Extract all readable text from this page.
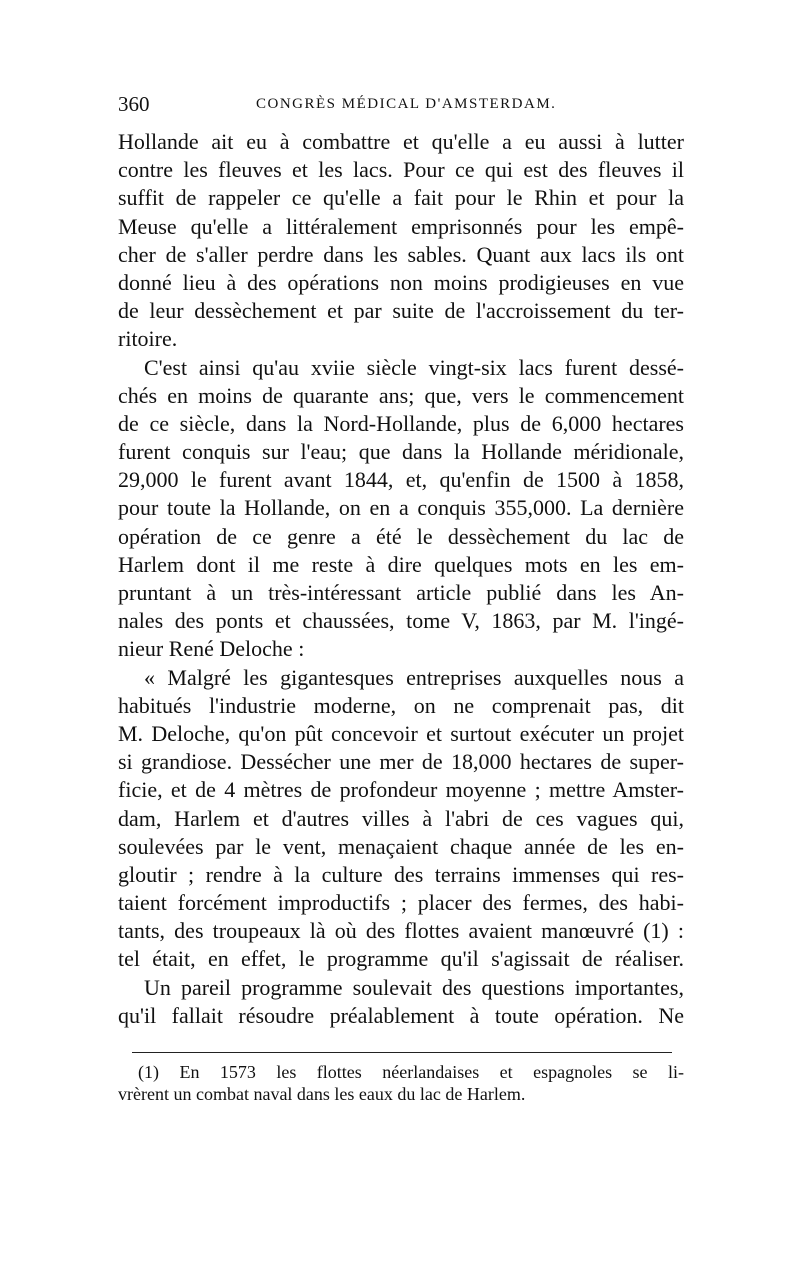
360	CONGRÈS MÉDICAL D'AMSTERDAM.
Hollande ait eu à combattre et qu'elle a eu aussi à lutter
contre les fleuves et les lacs. Pour ce qui est des fleuves il
suffit de rappeler ce qu'elle a fait pour le Rhin et pour la
Meuse qu'elle a littéralement emprisonnés pour les empê-
cher de s'aller perdre dans les sables. Quant aux lacs ils ont
donné lieu à des opérations non moins prodigieuses en vue
de leur dessèchement et par suite de l'accroissement du ter-
ritoire.
C'est ainsi qu'au xviie siècle vingt-six lacs furent dessé-
chés en moins de quarante ans; que, vers le commencement
de ce siècle, dans la Nord-Hollande, plus de 6,000 hectares
furent conquis sur l'eau; que dans la Hollande méridionale,
29,000 le furent avant 1844, et, qu'enfin de 1500 à 1858,
pour toute la Hollande, on en a conquis 355,000. La dernière
opération de ce genre a été le dessèchement du lac de
Harlem dont il me reste à dire quelques mots en les em-
pruntant à un très-intéressant article publié dans les An-
nales des ponts et chaussées, tome V, 1863, par M. l'ingé-
nieur René Deloche :
« Malgré les gigantesques entreprises auxquelles nous a
habitués l'industrie moderne, on ne comprenait pas, dit
M. Deloche, qu'on pût concevoir et surtout exécuter un projet
si grandiose. Dessécher une mer de 18,000 hectares de super-
ficie, et de 4 mètres de profondeur moyenne ; mettre Amster-
dam, Harlem et d'autres villes à l'abri de ces vagues qui,
soulevées par le vent, menaçaient chaque année de les en-
gloutir ; rendre à la culture des terrains immenses qui res-
taient forcément improductifs ; placer des fermes, des habi-
tants, des troupeaux là où des flottes avaient manœuvré (1) :
tel était, en effet, le programme qu'il s'agissait de réaliser.
Un pareil programme soulevait des questions importantes,
qu'il fallait résoudre préalablement à toute opération. Ne
(1) En 1573 les flottes néerlandaises et espagnoles se li-
vrèrent un combat naval dans les eaux du lac de Harlem.
